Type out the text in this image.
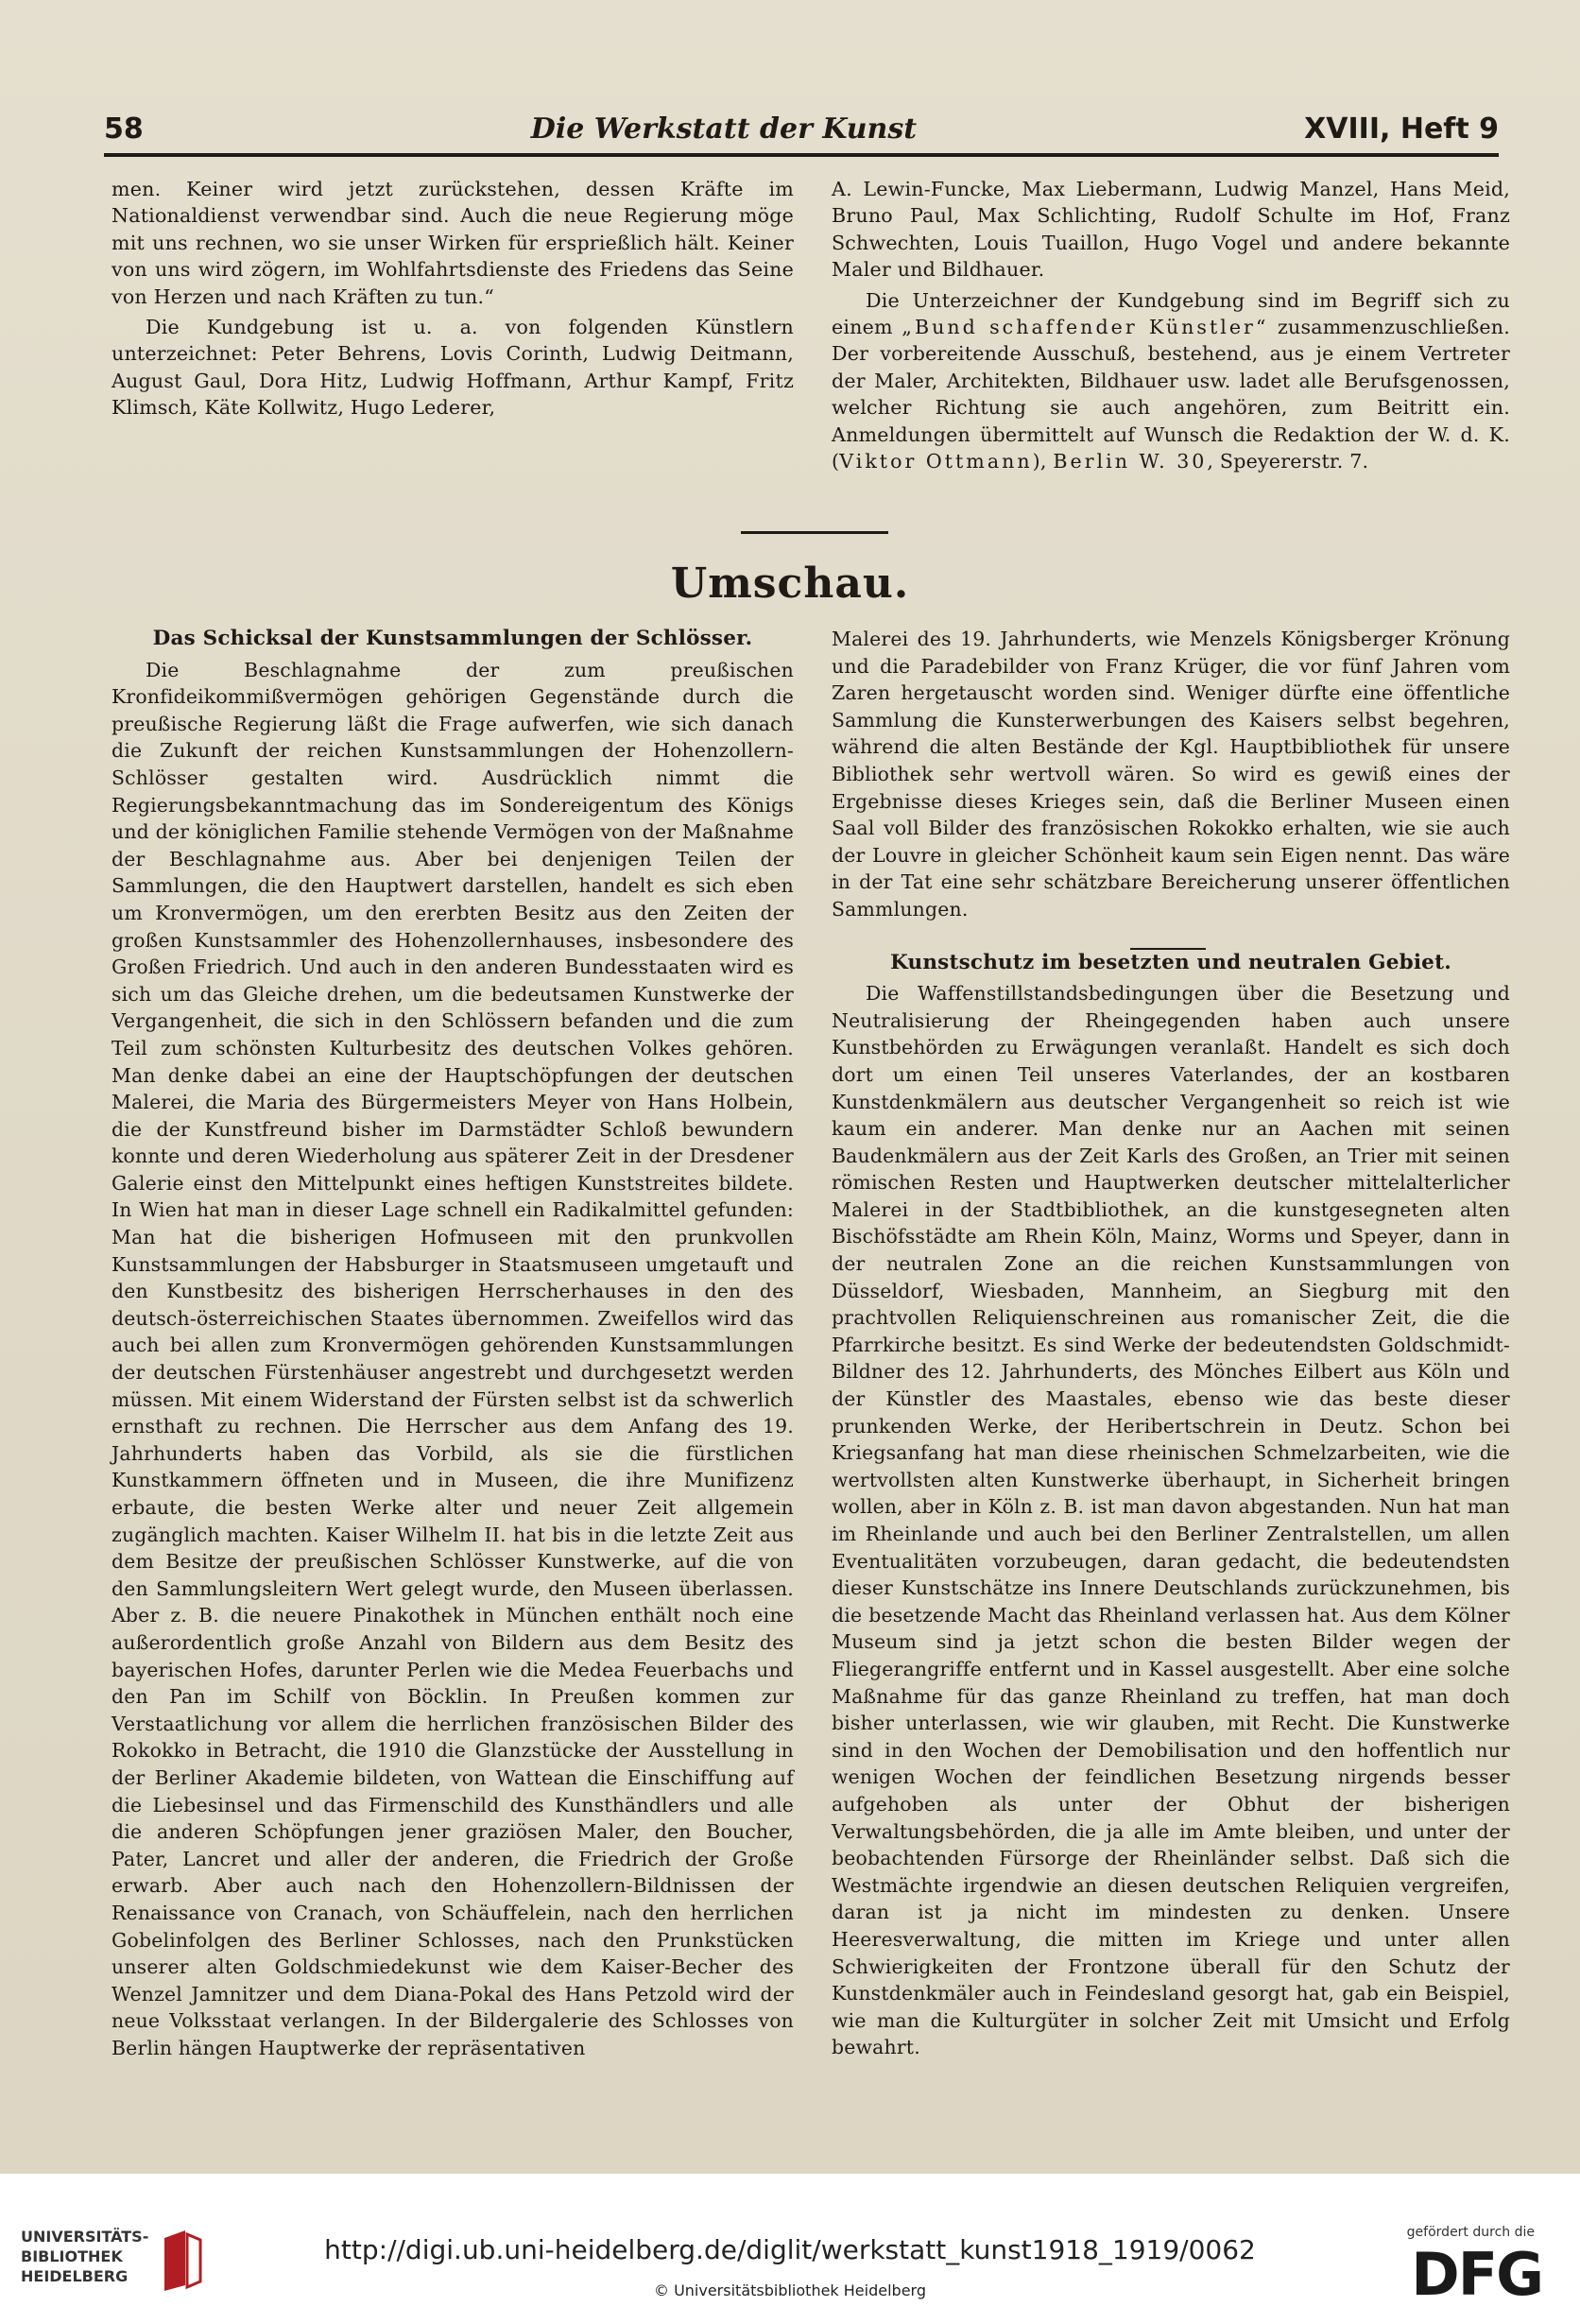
58	Die Werkstatt der Kunst	XVIII, Heft 9

men. Keiner wird jetzt zurückstehen, dessen Kräfte im Nationaldienst verwendbar sind. Auch die neue Regierung möge mit uns rechnen, wo sie unser Wirken für ersprießlich hält. Keiner von uns wird zögern, im Wohlfahrtsdienste des Friedens das Seine von Herzen und nach Kräften zu tun.“

Die Kundgebung ist u. a. von folgenden Künstlern unterzeichnet: Peter Behrens, Lovis Corinth, Ludwig Deitmann, August Gaul, Dora Hitz, Ludwig Hoffmann, Arthur Kampf, Fritz Klimsch, Käte Kollwitz, Hugo Lederer,

A. Lewin-Funcke, Max Liebermann, Ludwig Manzel, Hans Meid, Bruno Paul, Max Schlichting, Rudolf Schulte im Hof, Franz Schwechten, Louis Tuaillon, Hugo Vogel und andere bekannte Maler und Bildhauer.

Die Unterzeichner der Kundgebung sind im Begriff sich zu einem „Bund schaffender Künstler“ zusammenzuschließen. Der vorbereitende Ausschuß, bestehend, aus je einem Vertreter der Maler, Architekten, Bildhauer usw. ladet alle Berufsgenossen, welcher Richtung sie auch angehören, zum Beitritt ein. Anmeldungen übermittelt auf Wunsch die Redaktion der W. d. K. (Viktor Ottmann), Berlin W. 30, Speyererstr. 7.

Umschau.

Das Schicksal der Kunstsammlungen der Schlösser.

Die Beschlagnahme der zum preußischen Kronfideikommißvermögen gehörigen Gegenstände durch die preußische Regierung läßt die Frage aufwerfen, wie sich danach die Zukunft der reichen Kunstsammlungen der Hohenzollern-Schlösser gestalten wird. Ausdrücklich nimmt die Regierungsbekanntmachung das im Sondereigentum des Königs und der königlichen Familie stehende Vermögen von der Maßnahme der Beschlagnahme aus. Aber bei denjenigen Teilen der Sammlungen, die den Hauptwert darstellen, handelt es sich eben um Kronvermögen, um den ererbten Besitz aus den Zeiten der großen Kunstsammler des Hohenzollernhauses, insbesondere des Großen Friedrich. Und auch in den anderen Bundesstaaten wird es sich um das Gleiche drehen, um die bedeutsamen Kunstwerke der Vergangenheit, die sich in den Schlössern befanden und die zum Teil zum schönsten Kulturbesitz des deutschen Volkes gehören. Man denke dabei an eine der Hauptschöpfungen der deutschen Malerei, die Maria des Bürgermeisters Meyer von Hans Holbein, die der Kunstfreund bisher im Darmstädter Schloß bewundern konnte und deren Wiederholung aus späterer Zeit in der Dresdener Galerie einst den Mittelpunkt eines heftigen Kunststreites bildete. In Wien hat man in dieser Lage schnell ein Radikalmittel gefunden: Man hat die bisherigen Hofmuseen mit den prunkvollen Kunstsammlungen der Habsburger in Staatsmuseen umgetauft und den Kunstbesitz des bisherigen Herrscherhauses in den des deutsch-österreichischen Staates übernommen. Zweifellos wird das auch bei allen zum Kronvermögen gehörenden Kunstsammlungen der deutschen Fürstenhäuser angestrebt und durchgesetzt werden müssen. Mit einem Widerstand der Fürsten selbst ist da schwerlich ernsthaft zu rechnen. Die Herrscher aus dem Anfang des 19. Jahrhunderts haben das Vorbild, als sie die fürstlichen Kunstkammern öffneten und in Museen, die ihre Munifizenz erbaute, die besten Werke alter und neuer Zeit allgemein zugänglich machten. Kaiser Wilhelm II. hat bis in die letzte Zeit aus dem Besitze der preußischen Schlösser Kunstwerke, auf die von den Sammlungsleitern Wert gelegt wurde, den Museen überlassen. Aber z. B. die neuere Pinakothek in München enthält noch eine außerordentlich große Anzahl von Bildern aus dem Besitz des bayerischen Hofes, darunter Perlen wie die Medea Feuerbachs und den Pan im Schilf von Böcklin. In Preußen kommen zur Verstaatlichung vor allem die herrlichen französischen Bilder des Rokokko in Betracht, die 1910 die Glanzstücke der Ausstellung in der Berliner Akademie bildeten, von Wattean die Einschiffung auf die Liebesinsel und das Firmenschild des Kunsthändlers und alle die anderen Schöpfungen jener graziösen Maler, den Boucher, Pater, Lancret und aller der anderen, die Friedrich der Große erwarb. Aber auch nach den Hohenzollern-Bildnissen der Renaissance von Cranach, von Schäuffelein, nach den herrlichen Gobelinfolgen des Berliner Schlosses, nach den Prunkstücken unserer alten Goldschmiedekunst wie dem Kaiser-Becher des Wenzel Jamnitzer und dem Diana-Pokal des Hans Petzold wird der neue Volksstaat verlangen. In der Bildergalerie des Schlosses von Berlin hängen Hauptwerke der repräsentativen

Malerei des 19. Jahrhunderts, wie Menzels Königsberger Krönung und die Paradebilder von Franz Krüger, die vor fünf Jahren vom Zaren hergetauscht worden sind. Weniger dürfte eine öffentliche Sammlung die Kunsterwerbungen des Kaisers selbst begehren, während die alten Bestände der Kgl. Hauptbibliothek für unsere Bibliothek sehr wertvoll wären. So wird es gewiß eines der Ergebnisse dieses Krieges sein, daß die Berliner Museen einen Saal voll Bilder des französischen Rokokko erhalten, wie sie auch der Louvre in gleicher Schönheit kaum sein Eigen nennt. Das wäre in der Tat eine sehr schätzbare Bereicherung unserer öffentlichen Sammlungen.

Kunstschutz im besetzten und neutralen Gebiet.

Die Waffenstillstandsbedingungen über die Besetzung und Neutralisierung der Rheingegenden haben auch unsere Kunstbehörden zu Erwägungen veranlaßt. Handelt es sich doch dort um einen Teil unseres Vaterlandes, der an kostbaren Kunstdenkmälern aus deutscher Vergangenheit so reich ist wie kaum ein anderer. Man denke nur an Aachen mit seinen Baudenkmälern aus der Zeit Karls des Großen, an Trier mit seinen römischen Resten und Hauptwerken deutscher mittelalterlicher Malerei in der Stadtbibliothek, an die kunstgesegneten alten Bischöfsstädte am Rhein Köln, Mainz, Worms und Speyer, dann in der neutralen Zone an die reichen Kunstsammlungen von Düsseldorf, Wiesbaden, Mannheim, an Siegburg mit den prachtvollen Reliquienschreinen aus romanischer Zeit, die die Pfarrkirche besitzt. Es sind Werke der bedeutendsten Goldschmidt-Bildner des 12. Jahrhunderts, des Mönches Eilbert aus Köln und der Künstler des Maastales, ebenso wie das beste dieser prunkenden Werke, der Heribertschrein in Deutz. Schon bei Kriegsanfang hat man diese rheinischen Schmelzarbeiten, wie die wertvollsten alten Kunstwerke überhaupt, in Sicherheit bringen wollen, aber in Köln z. B. ist man davon abgestanden. Nun hat man im Rheinlande und auch bei den Berliner Zentralstellen, um allen Eventualitäten vorzubeugen, daran gedacht, die bedeutendsten dieser Kunstschätze ins Innere Deutschlands zurückzunehmen, bis die besetzende Macht das Rheinland verlassen hat. Aus dem Kölner Museum sind ja jetzt schon die besten Bilder wegen der Fliegerangriffe entfernt und in Kassel ausgestellt. Aber eine solche Maßnahme für das ganze Rheinland zu treffen, hat man doch bisher unterlassen, wie wir glauben, mit Recht. Die Kunstwerke sind in den Wochen der Demobilisation und den hoffentlich nur wenigen Wochen der feindlichen Besetzung nirgends besser aufgehoben als unter der Obhut der bisherigen Verwaltungsbehörden, die ja alle im Amte bleiben, und unter der beobachtenden Fürsorge der Rheinländer selbst. Daß sich die Westmächte irgendwie an diesen deutschen Reliquien vergreifen, daran ist ja nicht im mindesten zu denken. Unsere Heeresverwaltung, die mitten im Kriege und unter allen Schwierigkeiten der Frontzone überall für den Schutz der Kunstdenkmäler auch in Feindesland gesorgt hat, gab ein Beispiel, wie man die Kulturgüter in solcher Zeit mit Umsicht und Erfolg bewahrt.

UNIVERSITÄTS-
BIBLIOTHEK
HEIDELBERG
http://digi.ub.uni-heidelberg.de/diglit/werkstatt_kunst1918_1919/0062
© Universitätsbibliothek Heidelberg
gefördert durch die
DFG
